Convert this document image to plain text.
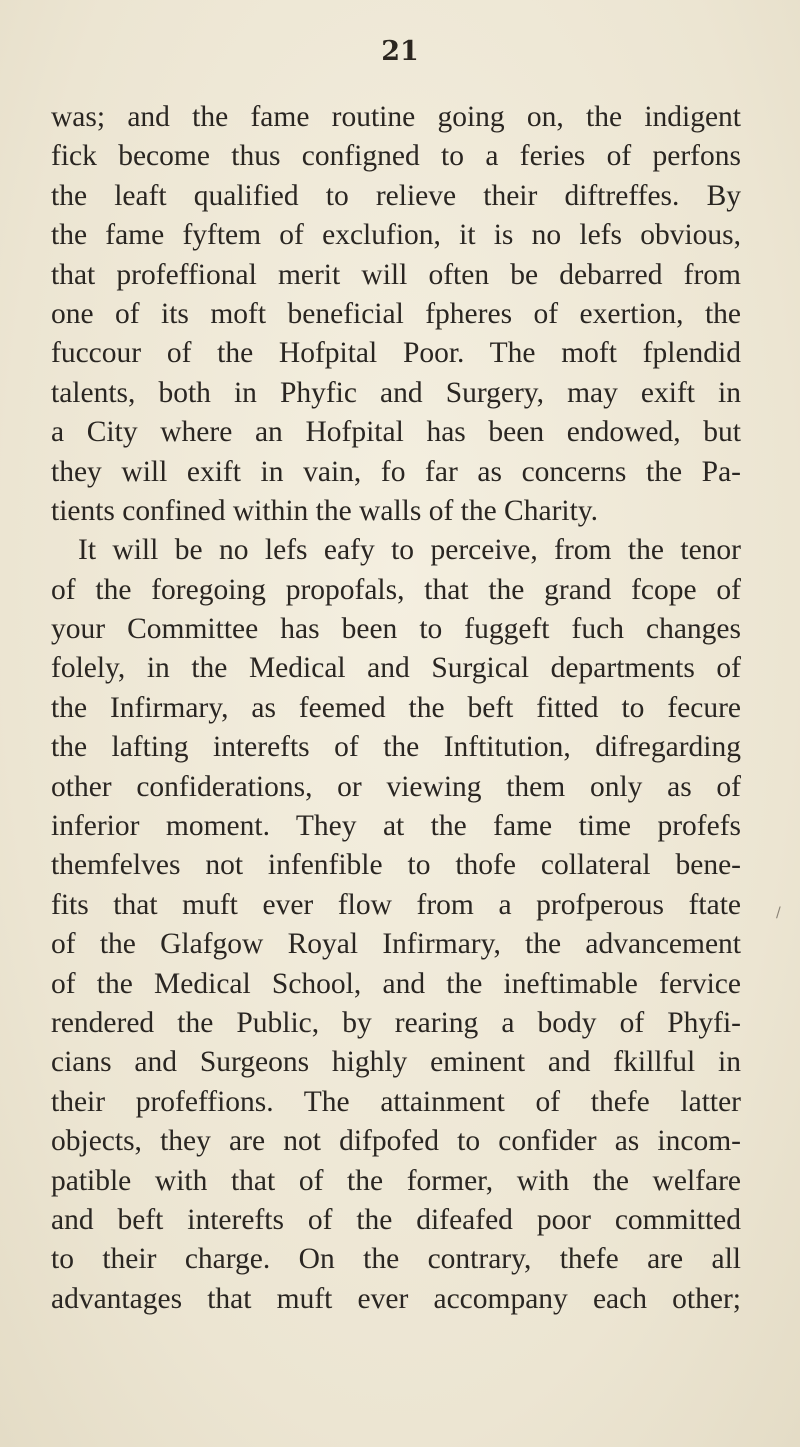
21
was; and the fame routine going on, the indigent
fick become thus configned to a feries of perfons
the leaft qualified to relieve their diftreffes. By
the fame fyftem of exclufion, it is no lefs obvious,
that profeffional merit will often be debarred from
one of its moft beneficial fpheres of exertion, the
fuccour of the Hofpital Poor. The moft fplendid
talents, both in Phyfic and Surgery, may exift in
a City where an Hofpital has been endowed, but
they will exift in vain, fo far as concerns the Pa-
tients confined within the walls of the Charity.
It will be no lefs eafy to perceive, from the tenor
of the foregoing propofals, that the grand fcope of
your Committee has been to fuggeft fuch changes
folely, in the Medical and Surgical departments of
the Infirmary, as feemed the beft fitted to fecure
the lafting interefts of the Inftitution, difregarding
other confiderations, or viewing them only as of
inferior moment. They at the fame time profefs
themfelves not infenfible to thofe collateral bene-
fits that muft ever flow from a profperous ftate
of the Glafgow Royal Infirmary, the advancement
of the Medical School, and the ineftimable fervice
rendered the Public, by rearing a body of Phyfi-
cians and Surgeons highly eminent and fkillful in
their profeffions. The attainment of thefe latter
objects, they are not difpofed to confider as incom-
patible with that of the former, with the welfare
and beft interefts of the difeafed poor committed
to their charge. On the contrary, thefe are all
advantages that muft ever accompany each other;
/
